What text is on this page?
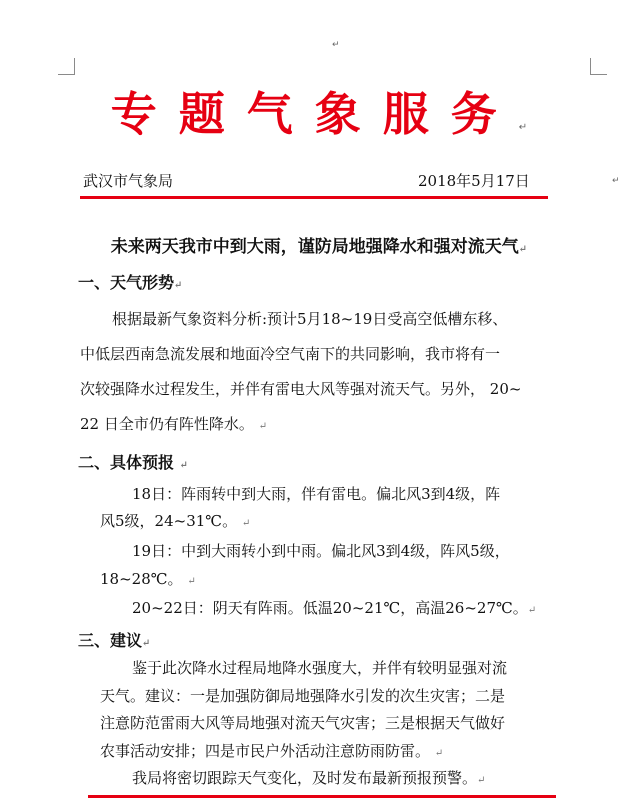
↵
专题气象服务↵
武汉市气象局	2018年5月17日	↵
未来两天我市中到大雨，谨防局地强降水和强对流天气↵
一、天气形势↵
根据最新气象资料分析:预计5月18~19日受高空低槽东移、
中低层西南急流发展和地面冷空气南下的共同影响，我市将有一
次较强降水过程发生，并伴有雷电大风等强对流天气。另外， 20~
22 日全市仍有阵性降水。 ↵
二、具体预报 ↵
18日：阵雨转中到大雨，伴有雷电。偏北风3到4级，阵
风5级，24~31℃。 ↵
19日：中到大雨转小到中雨。偏北风3到4级，阵风5级，
18~28℃。 ↵
20~22日：阴天有阵雨。低温20~21℃，高温26~27℃。↵
三、建议↵
鉴于此次降水过程局地降水强度大，并伴有较明显强对流
天气。建议：一是加强防御局地强降水引发的次生灾害；二是
注意防范雷雨大风等局地强对流天气灾害；三是根据天气做好
农事活动安排；四是市民户外活动注意防雨防雷。 ↵
我局将密切跟踪天气变化，及时发布最新预报预警。↵
